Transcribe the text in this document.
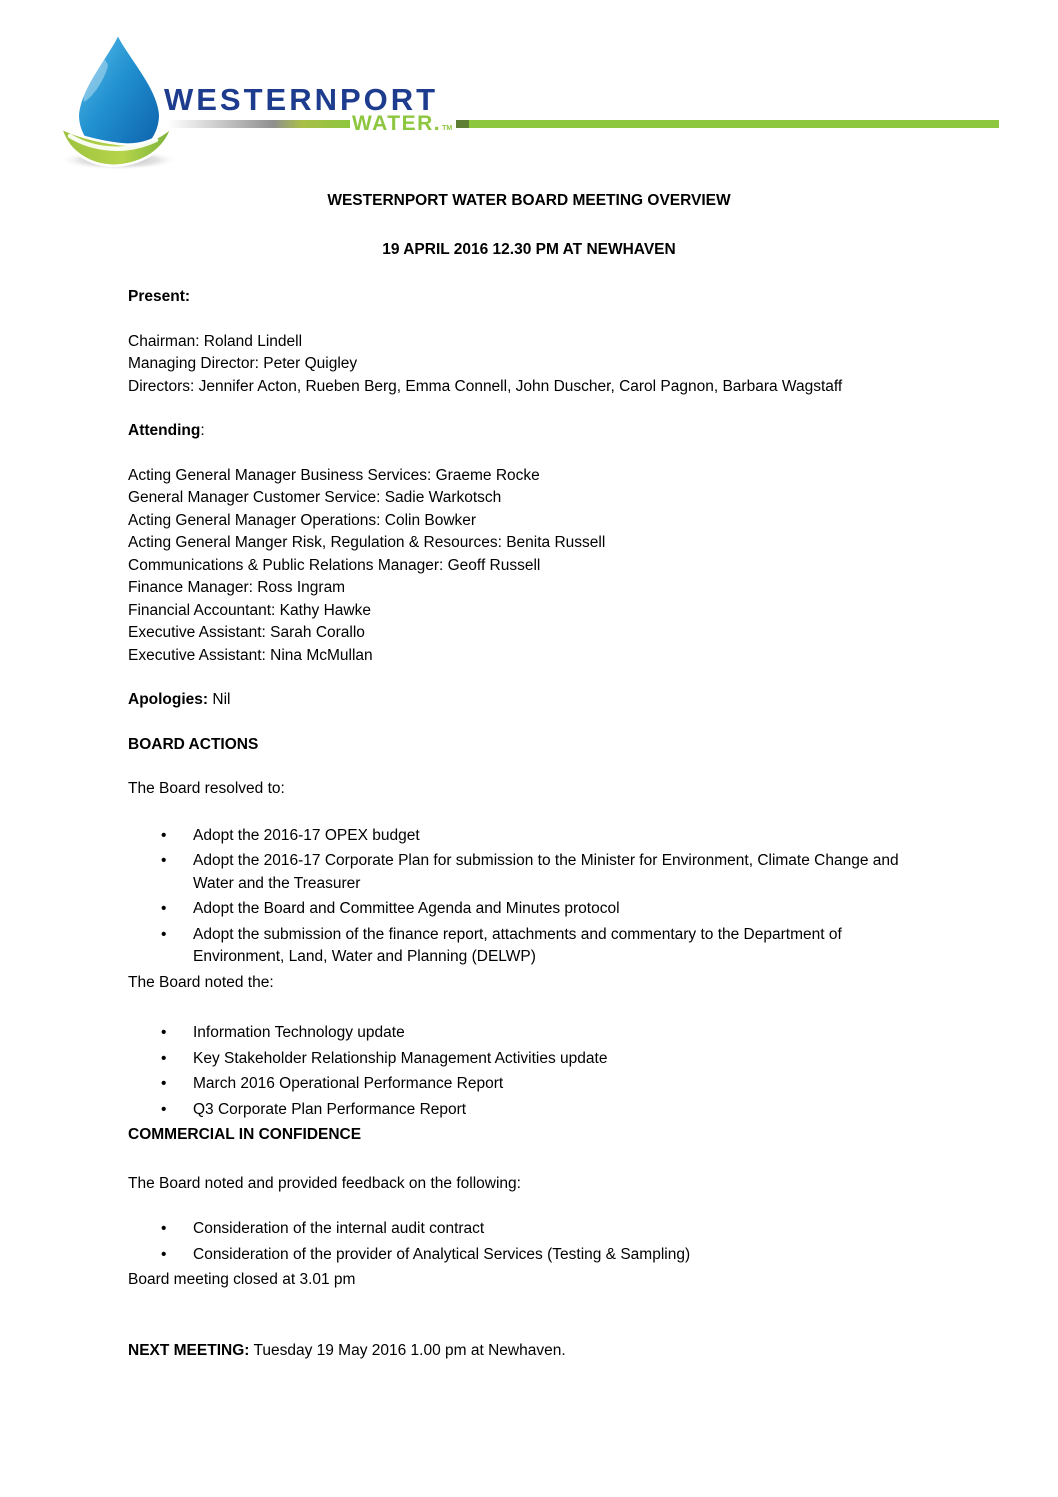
WESTERNPORT
WATER. TM

WESTERNPORT WATER BOARD MEETING OVERVIEW

19 APRIL 2016 12.30 PM AT NEWHAVEN

Present:

Chairman: Roland Lindell
Managing Director: Peter Quigley
Directors: Jennifer Acton, Rueben Berg, Emma Connell, John Duscher, Carol Pagnon, Barbara Wagstaff

Attending:

Acting General Manager Business Services: Graeme Rocke
General Manager Customer Service: Sadie Warkotsch
Acting General Manager Operations: Colin Bowker
Acting General Manger Risk, Regulation & Resources: Benita Russell
Communications & Public Relations Manager: Geoff Russell
Finance Manager: Ross Ingram
Financial Accountant: Kathy Hawke
Executive Assistant: Sarah Corallo
Executive Assistant: Nina McMullan

Apologies: Nil

BOARD ACTIONS

The Board resolved to:

• Adopt the 2016-17 OPEX budget
• Adopt the 2016-17 Corporate Plan for submission to the Minister for Environment, Climate Change and Water and the Treasurer
• Adopt the Board and Committee Agenda and Minutes protocol
• Adopt the submission of the finance report, attachments and commentary to the Department of Environment, Land, Water and Planning (DELWP)

The Board noted the:

• Information Technology update
• Key Stakeholder Relationship Management Activities update
• March 2016 Operational Performance Report
• Q3 Corporate Plan Performance Report

COMMERCIAL IN CONFIDENCE

The Board noted and provided feedback on the following:

• Consideration of the internal audit contract
• Consideration of the provider of Analytical Services (Testing & Sampling)

Board meeting closed at 3.01 pm

NEXT MEETING: Tuesday 19 May 2016 1.00 pm at Newhaven.
